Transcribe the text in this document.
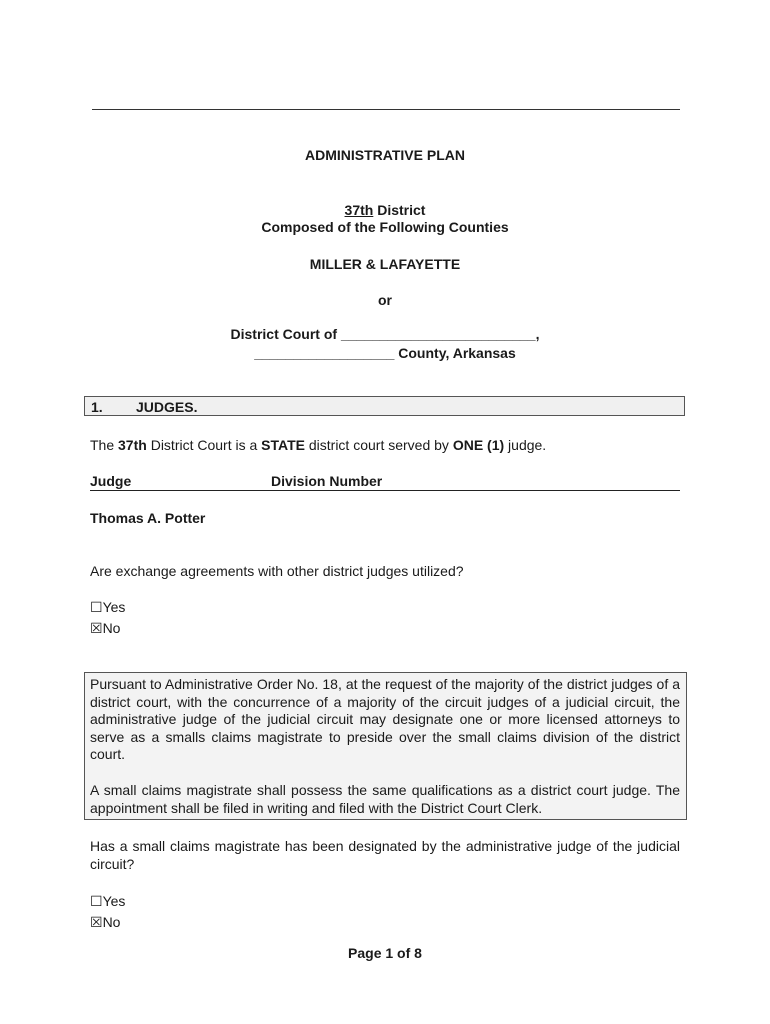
ADMINISTRATIVE PLAN
37th District
Composed of the Following Counties
MILLER & LAFAYETTE
or
District Court of _________________________,
__________________ County, Arkansas
1. JUDGES.
The 37th District Court is a STATE district court served by ONE (1) judge.
Judge	Division Number
Thomas A. Potter
Are exchange agreements with other district judges utilized?
☐Yes
☒No
Pursuant to Administrative Order No. 18, at the request of the majority of the district judges of a district court, with the concurrence of a majority of the circuit judges of a judicial circuit, the administrative judge of the judicial circuit may designate one or more licensed attorneys to serve as a smalls claims magistrate to preside over the small claims division of the district court.
A small claims magistrate shall possess the same qualifications as a district court judge. The appointment shall be filed in writing and filed with the District Court Clerk.
Has a small claims magistrate has been designated by the administrative judge of the judicial circuit?
☐Yes
☒No
Page 1 of 8
